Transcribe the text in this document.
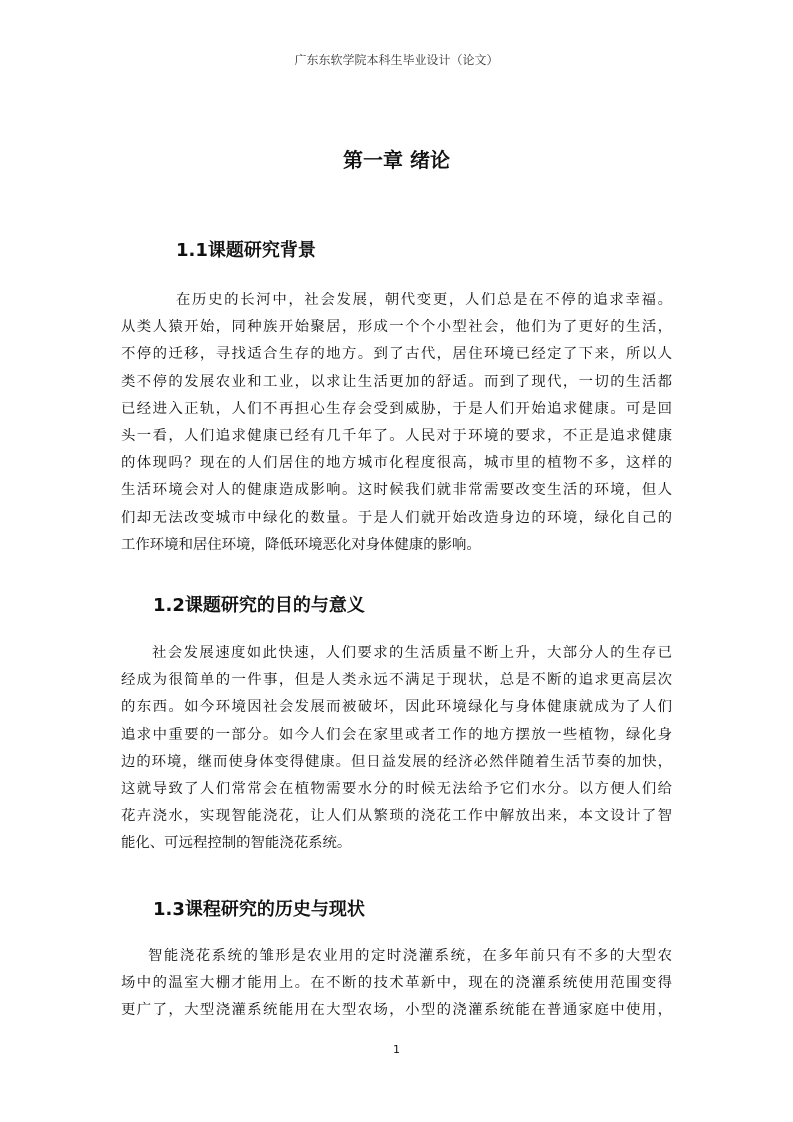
广东东软学院本科生毕业设计（论文）
第一章 绪论
1.1课题研究背景
在历史的长河中，社会发展，朝代变更，人们总是在不停的追求幸福。
从类人猿开始，同种族开始聚居，形成一个个小型社会，他们为了更好的生活，
不停的迁移，寻找适合生存的地方。到了古代，居住环境已经定了下来，所以人
类不停的发展农业和工业，以求让生活更加的舒适。而到了现代，一切的生活都
已经进入正轨，人们不再担心生存会受到威胁，于是人们开始追求健康。可是回
头一看，人们追求健康已经有几千年了。人民对于环境的要求，不正是追求健康
的体现吗？现在的人们居住的地方城市化程度很高，城市里的植物不多，这样的
生活环境会对人的健康造成影响。这时候我们就非常需要改变生活的环境，但人
们却无法改变城市中绿化的数量。于是人们就开始改造身边的环境，绿化自己的
工作环境和居住环境，降低环境恶化对身体健康的影响。
1.2课题研究的目的与意义
社会发展速度如此快速，人们要求的生活质量不断上升，大部分人的生存已
经成为很简单的一件事，但是人类永远不满足于现状，总是不断的追求更高层次
的东西。如今环境因社会发展而被破坏，因此环境绿化与身体健康就成为了人们
追求中重要的一部分。如今人们会在家里或者工作的地方摆放一些植物，绿化身
边的环境，继而使身体变得健康。但日益发展的经济必然伴随着生活节奏的加快，
这就导致了人们常常会在植物需要水分的时候无法给予它们水分。以方便人们给
花卉浇水，实现智能浇花，让人们从繁琐的浇花工作中解放出来，本文设计了智
能化、可远程控制的智能浇花系统。
1.3课程研究的历史与现状
智能浇花系统的雏形是农业用的定时浇灌系统，在多年前只有不多的大型农
场中的温室大棚才能用上。在不断的技术革新中，现在的浇灌系统使用范围变得
更广了，大型浇灌系统能用在大型农场，小型的浇灌系统能在普通家庭中使用，
1
